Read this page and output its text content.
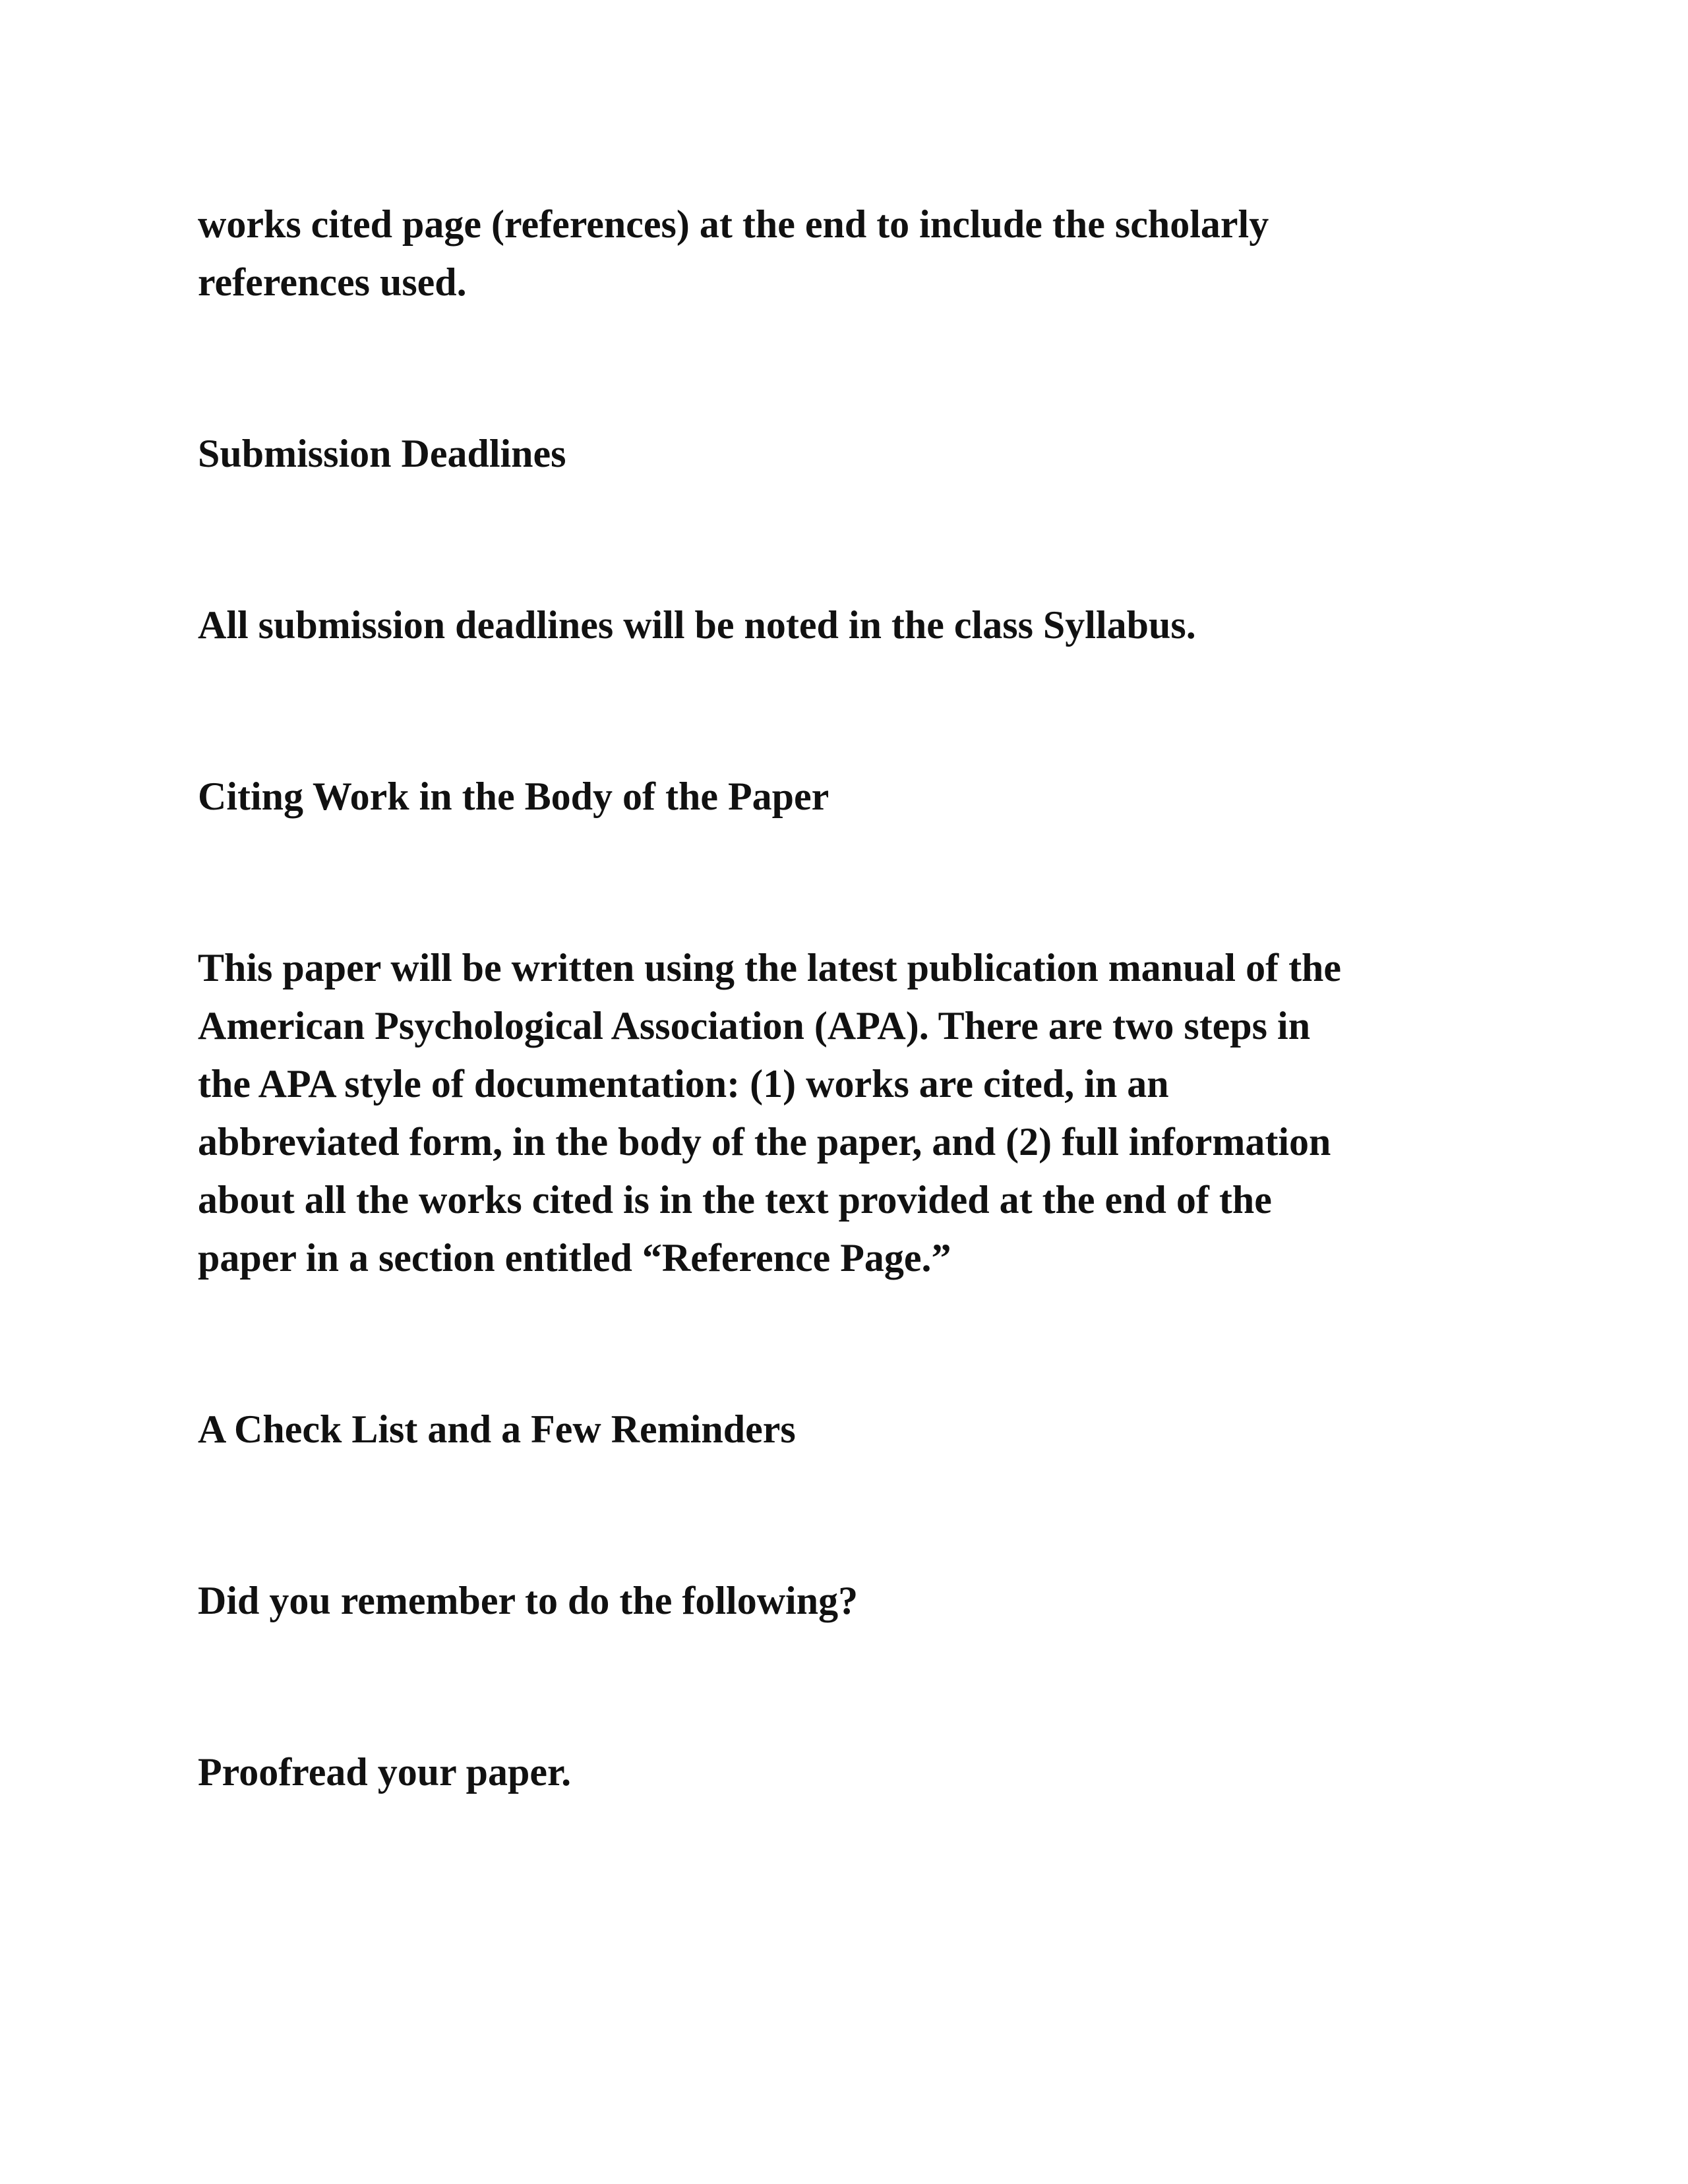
works cited page (references) at the end to include the scholarly
references used.

Submission Deadlines

All submission deadlines will be noted in the class Syllabus.

Citing Work in the Body of the Paper

This paper will be written using the latest publication manual of the
American Psychological Association (APA). There are two steps in
the APA style of documentation: (1) works are cited, in an
abbreviated form, in the body of the paper, and (2) full information
about all the works cited is in the text provided at the end of the
paper in a section entitled “Reference Page.”

A Check List and a Few Reminders

Did you remember to do the following?

Proofread your paper.
